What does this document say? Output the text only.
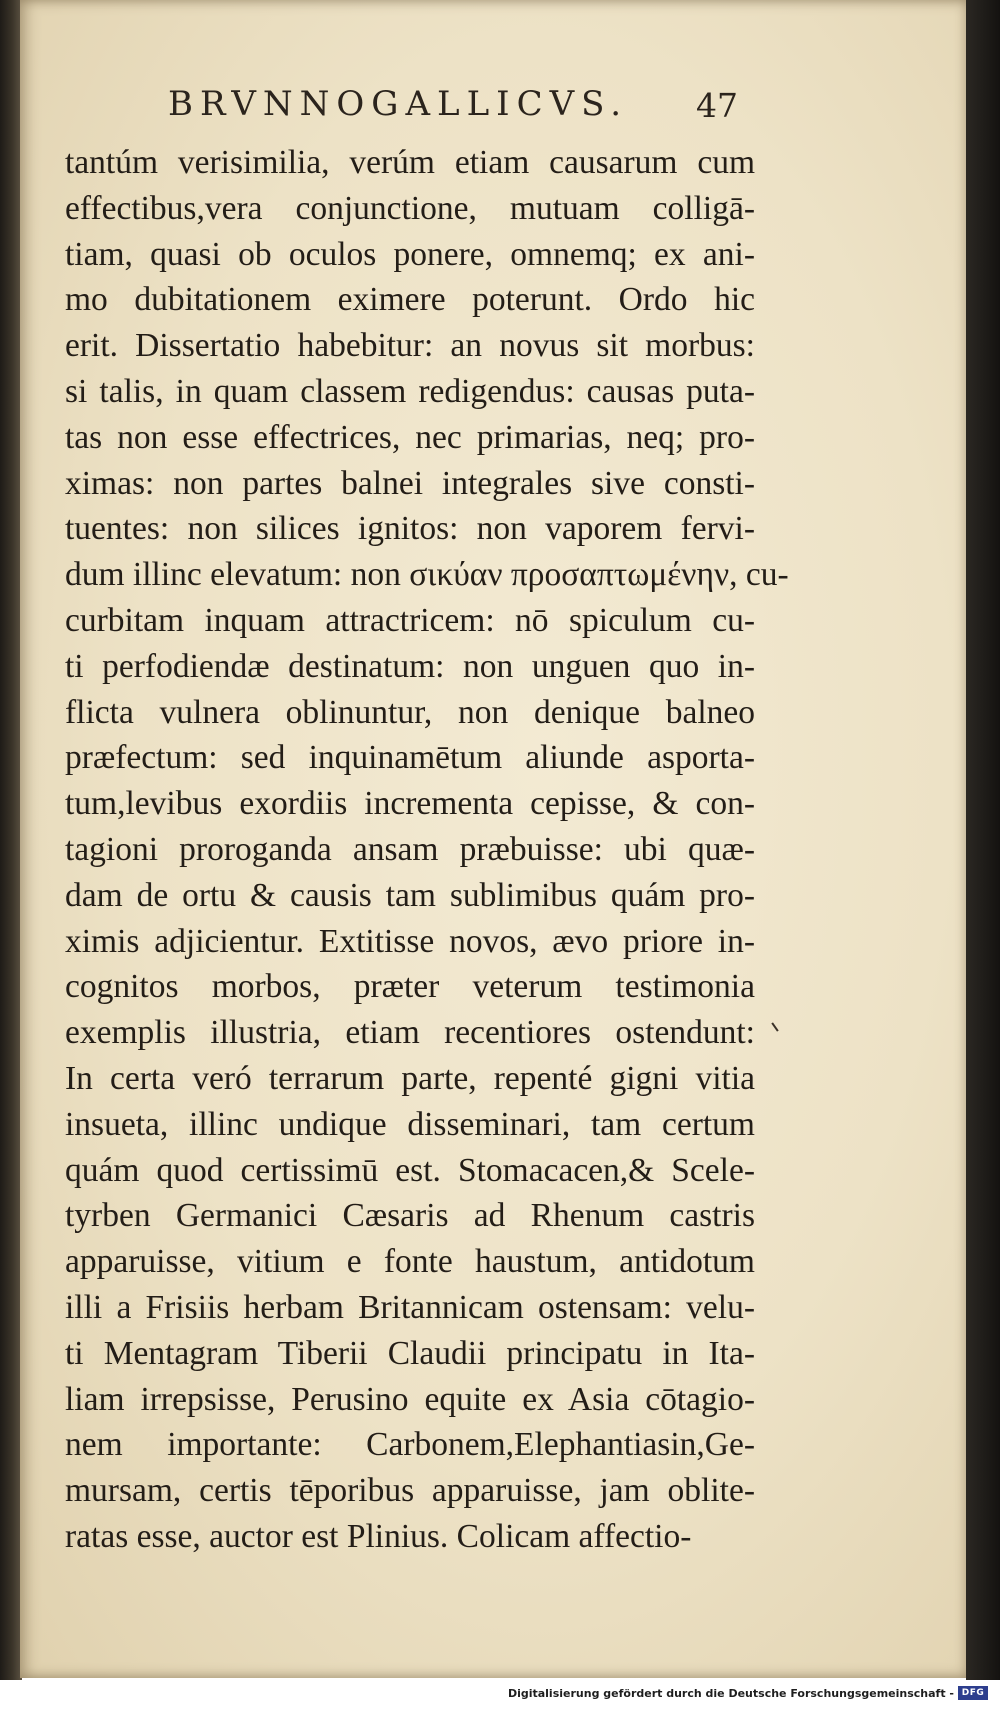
BRVNNOGALLICVS. 47
tantúm verisimilia, verúm etiam causarum cum
effectibus,vera conjunctione, mutuam colligā-
tiam, quasi ob oculos ponere, omnemq; ex ani-
mo dubitationem eximere poterunt. Ordo hic
erit. Dissertatio habebitur: an novus sit morbus:
si talis, in quam classem redigendus: causas puta-
tas non esse effectrices, nec primarias, neq; pro-
ximas: non partes balnei integrales sive consti-
tuentes: non silices ignitos: non vaporem fervi-
dum illinc elevatum: non σικύαν προσαπτωμένην, cu-
curbitam inquam attractricem: nō spiculum cu-
ti perfodiendæ destinatum: non unguen quo in-
flicta vulnera oblinuntur, non denique balneo
præfectum: sed inquinamētum aliunde asporta-
tum,levibus exordiis incrementa cepisse, & con-
tagioni proroganda ansam præbuisse: ubi quæ-
dam de ortu & causis tam sublimibus quám pro-
ximis adjicientur. Extitisse novos, ævo priore in-
cognitos morbos, præter veterum testimonia
exemplis illustria, etiam recentiores ostendunt:
In certa veró terrarum parte, repenté gigni vitia
insueta, illinc undique disseminari, tam certum
quám quod certissimū est. Stomacacen,& Scele-
tyrben Germanici Cæsaris ad Rhenum castris
apparuisse, vitium e fonte haustum, antidotum
illi a Frisiis herbam Britannicam ostensam: velu-
ti Mentagram Tiberii Claudii principatu in Ita-
liam irrepsisse, Perusino equite ex Asia cōtagio-
nem importante: Carbonem,Elephantiasin,Ge-
mursam, certis tēporibus apparuisse, jam oblite-
ratas esse, auctor est Plinius. Colicam affectio-
Digitalisierung gefördert durch die Deutsche Forschungsgemeinschaft - DFG
